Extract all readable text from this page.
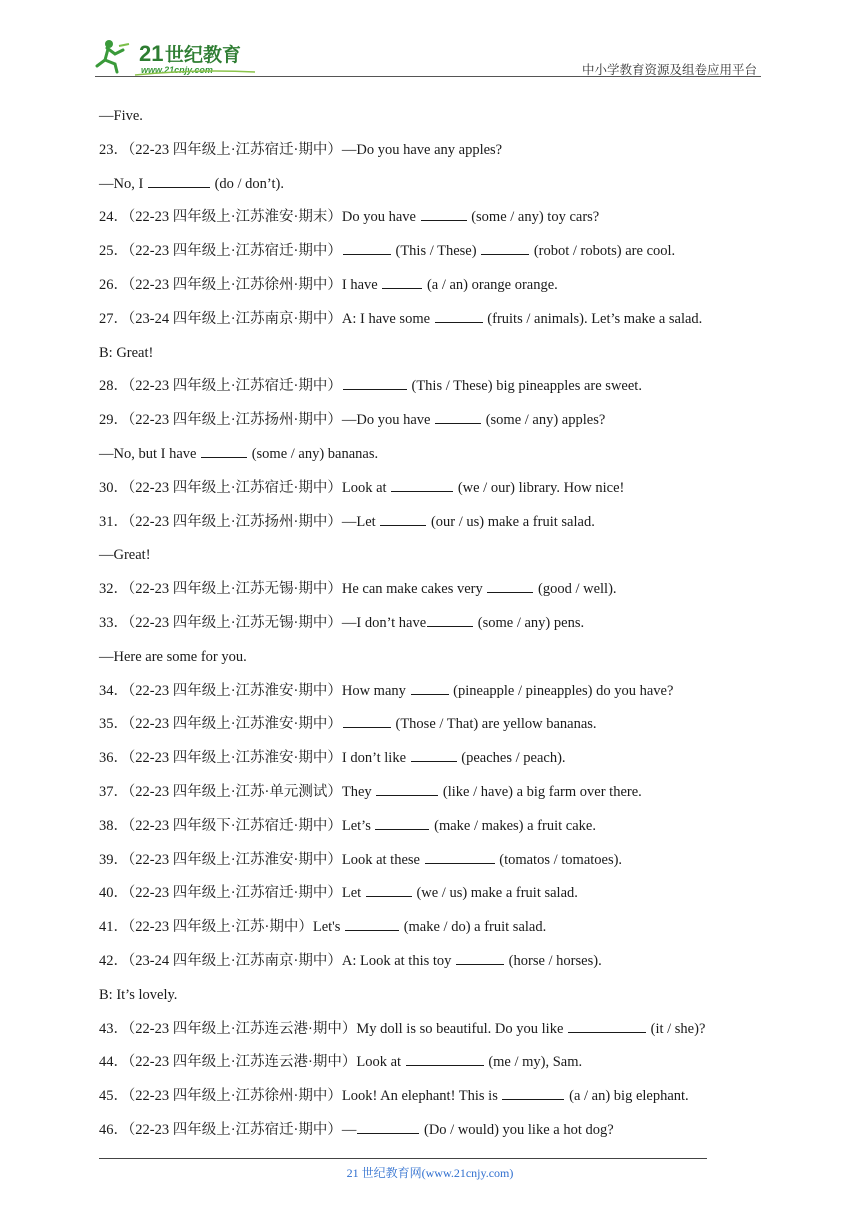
21 世纪教育
www.21cnjy.com	中小学教育资源及组卷应用平台
—Five.
23．（22-23 四年级上·江苏宿迁·期中）—Do you have any apples?
—No, I	(do / don’t).
24．（22-23 四年级上·江苏淮安·期末）Do you have	(some / any) toy cars?
25．（22-23 四年级上·江苏宿迁·期中）	(This / These)	(robot / robots) are cool.
26．（22-23 四年级上·江苏徐州·期中）I have	(a / an) orange orange.
27．（23-24 四年级上·江苏南京·期中）A: I have some	(fruits / animals). Let’s make a salad.
B: Great!
28．（22-23 四年级上·江苏宿迁·期中）	(This / These) big pineapples are sweet.
29．（22-23 四年级上·江苏扬州·期中）—Do you have	(some / any) apples?
—No, but I have	(some / any) bananas.
30．（22-23 四年级上·江苏宿迁·期中）Look at	(we / our) library. How nice!
31．（22-23 四年级上·江苏扬州·期中）—Let	(our / us) make a fruit salad.
—Great!
32．（22-23 四年级上·江苏无锡·期中）He can make cakes very	(good / well).
33．（22-23 四年级上·江苏无锡·期中）—I don’t have	(some / any) pens.
—Here are some for you.
34．（22-23 四年级上·江苏淮安·期中）How many	(pineapple / pineapples) do you have?
35．（22-23 四年级上·江苏淮安·期中）	(Those / That) are yellow bananas.
36．（22-23 四年级上·江苏淮安·期中）I don’t like	(peaches / peach).
37．（22-23 四年级上·江苏·单元测试）They	(like / have) a big farm over there.
38．（22-23 四年级下·江苏宿迁·期中）Let’s	(make / makes) a fruit cake.
39．（22-23 四年级上·江苏淮安·期中）Look at these	(tomatos / tomatoes).
40．（22-23 四年级上·江苏宿迁·期中）Let	(we / us) make a fruit salad.
41．（22-23 四年级上·江苏·期中）Let's	(make / do) a fruit salad.
42．（23-24 四年级上·江苏南京·期中）A: Look at this toy	(horse / horses).
B: It’s lovely.
43．（22-23 四年级上·江苏连云港·期中）My doll is so beautiful. Do you like	(it / she)?
44．（22-23 四年级上·江苏连云港·期中）Look at	(me / my), Sam.
45．（22-23 四年级上·江苏徐州·期中）Look! An elephant! This is	(a / an) big elephant.
46．（22-23 四年级上·江苏宿迁·期中）—	(Do / would) you like a hot dog?
21 世纪教育网(www.21cnjy.com)
